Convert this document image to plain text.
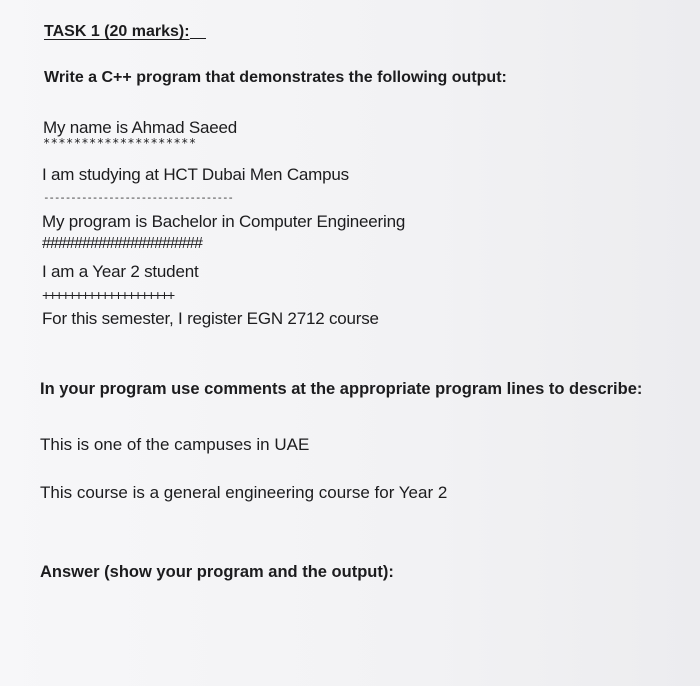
TASK 1 (20 marks):
Write a C++ program that demonstrates the following output:
My name is Ahmad Saeed
********************
I am studying at HCT Dubai Men Campus
-----------------------------------
My program is Bachelor in Computer Engineering
####################
I am a Year 2 student
++++++++++++++++++++
For this semester, I register EGN 2712 course
In your program use comments at the appropriate program lines to describe:
This is one of the campuses in UAE
This course is a general engineering course for Year 2
Answer (show your program and the output):
